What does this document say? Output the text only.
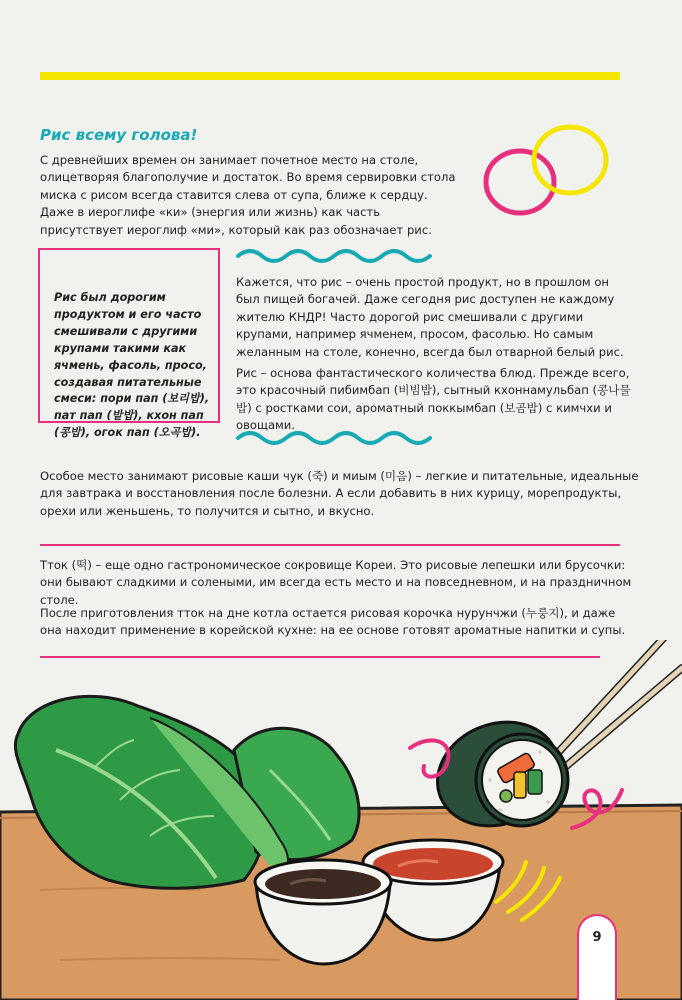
Рис всему голова!

С древнейших времен он занимает почетное место на столе, олицетворяя благополучие и достаток. Во время сервировки стола миска с рисом всегда ставится слева от супа, ближе к сердцу. Даже в иероглифе «ки» (энергия или жизнь) как часть присутствует иероглиф «ми», который как раз обозначает рис.

Рис был дорогим продуктом и его часто смешивали с другими крупами такими как ячмень, фасоль, просо, создавая питательные смеси: пори пап (보리밥), пат пап (밭밥), кхон пап (콩밥), огок пап (오곡밥).

Кажется, что рис – очень простой продукт, но в прошлом он был пищей богачей. Даже сегодня рис доступен не каждому жителю КНДР! Часто дорогой рис смешивали с другими крупами, например ячменем, просом, фасолью. Но самым желанным на столе, конечно, всегда был отварной белый рис.

Рис – основа фантастического количества блюд. Прежде всего, это красочный пибимбап (비빔밥), сытный кхоннамульбап (콩나물밥) с ростками сои, ароматный поккымбап (보곰밥) с кимчхи и овощами.

Особое место занимают рисовые каши чук (죽) и миым (미음) – легкие и питательные, идеальные для завтрака и восстановления после болезни. А если добавить в них курицу, морепродукты, орехи или женьшень, то получится и сытно, и вкусно.

Тток (떡) – еще одно гастрономическое сокровище Кореи. Это рисовые лепешки или брусочки: они бывают сладкими и солеными, им всегда есть место и на повседневном, и на праздничном столе.

После приготовления тток на дне котла остается рисовая корочка нурунчжи (누룽지), и даже она находит применение в корейской кухне: на ее основе готовят ароматные напитки и супы.

9
